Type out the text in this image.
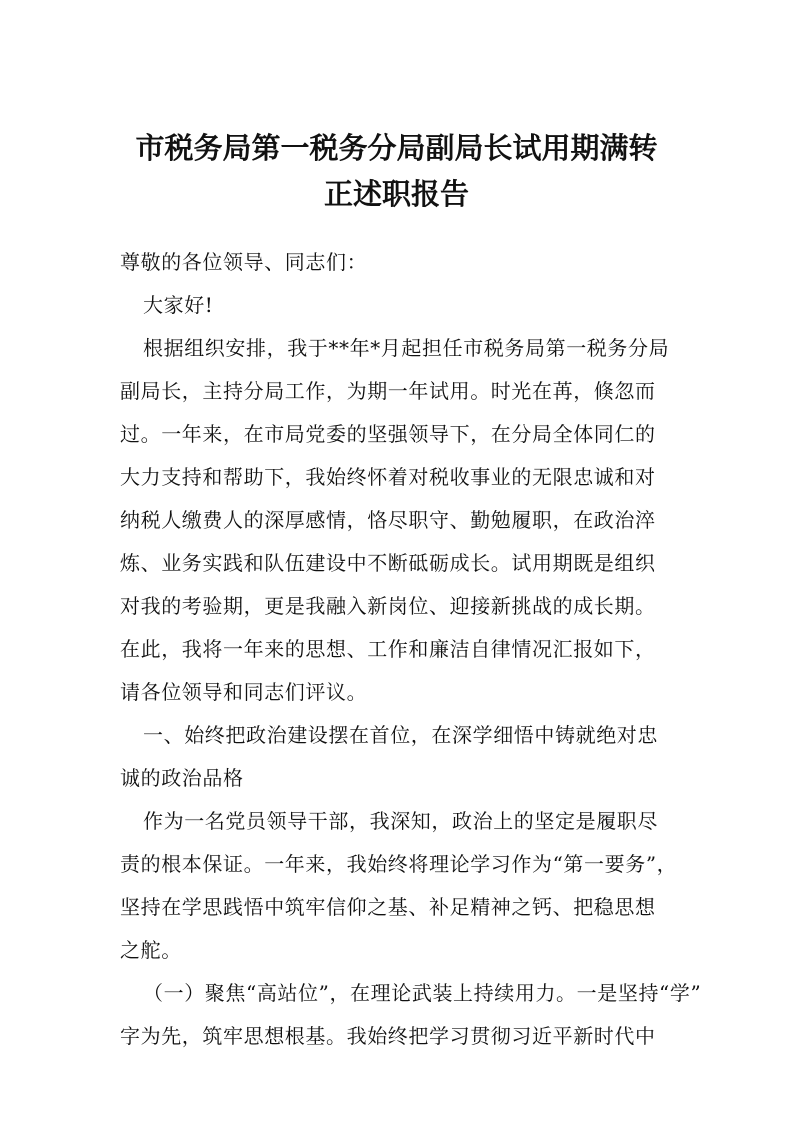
市税务局第一税务分局副局长试用期满转
正述职报告
尊敬的各位领导、同志们：
大家好!
根据组织安排，我于**年*月起担任市税务局第一税务分局
副局长，主持分局工作，为期一年试用。时光在苒，倏忽而
过。一年来，在市局党委的坚强领导下，在分局全体同仁的
大力支持和帮助下，我始终怀着对税收事业的无限忠诚和对
纳税人缴费人的深厚感情，恪尽职守、勤勉履职，在政治淬
炼、业务实践和队伍建设中不断砥砺成长。试用期既是组织
对我的考验期，更是我融入新岗位、迎接新挑战的成长期。
在此，我将一年来的思想、工作和廉洁自律情况汇报如下，
请各位领导和同志们评议。
一、始终把政治建设摆在首位，在深学细悟中铸就绝对忠
诚的政治品格
作为一名党员领导干部，我深知，政治上的坚定是履职尽
责的根本保证。一年来，我始终将理论学习作为“第一要务”，
坚持在学思践悟中筑牢信仰之基、补足精神之钙、把稳思想
之舵。
（一）聚焦“高站位”，在理论武装上持续用力。一是坚持“学”
字为先，筑牢思想根基。我始终把学习贯彻习近平新时代中
